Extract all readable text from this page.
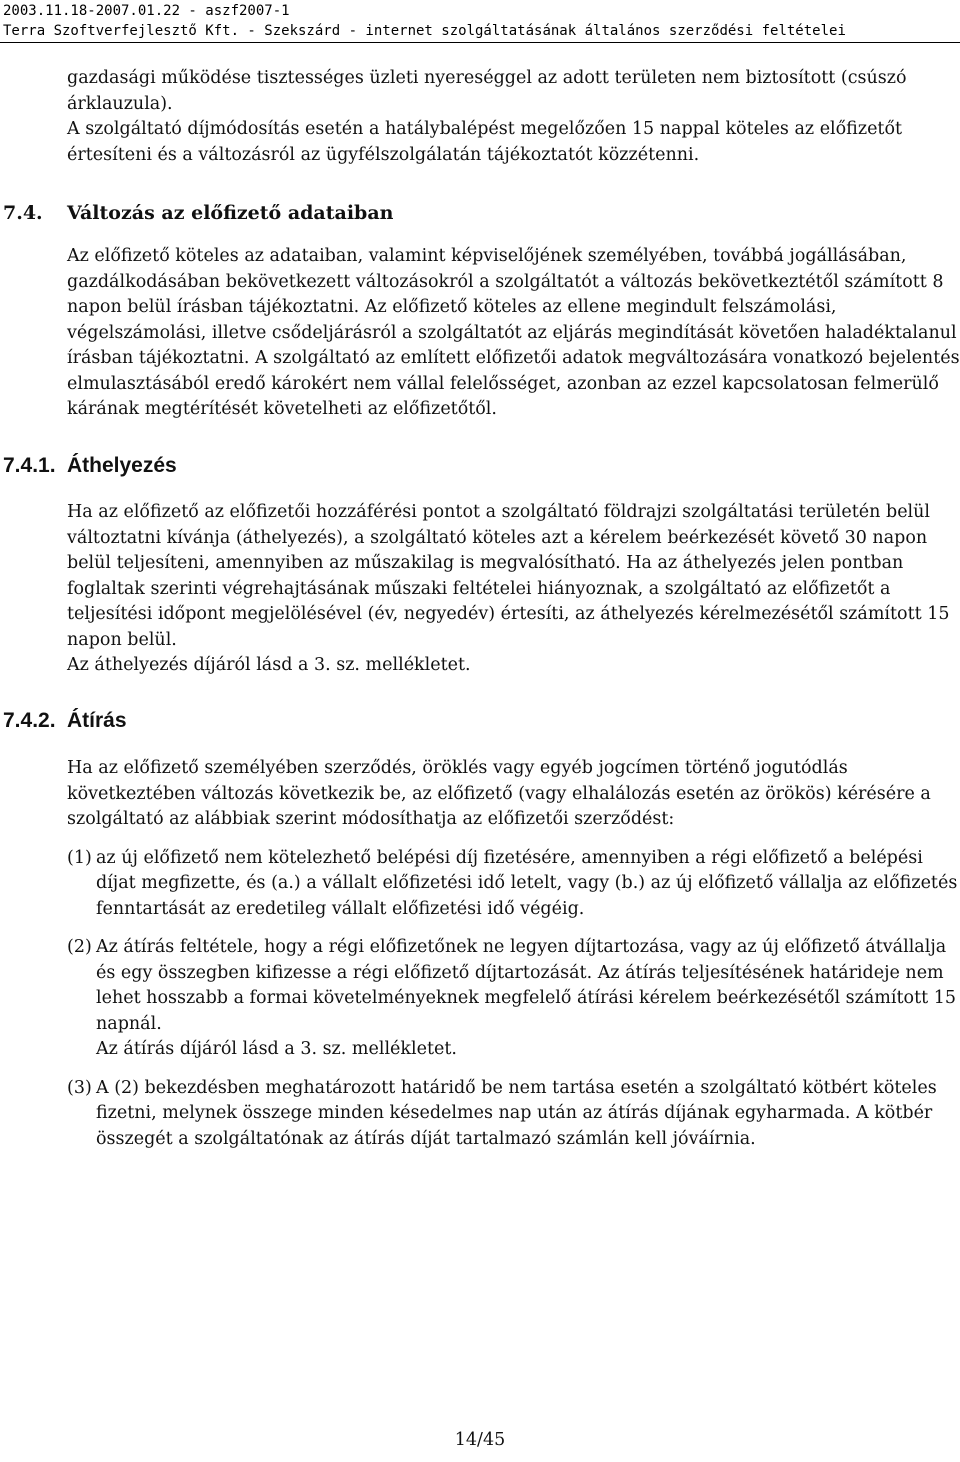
2003.11.18-2007.01.22 - aszf2007-1
Terra Szoftverfejlesztő Kft. - Szekszárd - internet szolgáltatásának általános szerződési feltételei

gazdasági működése tisztességes üzleti nyereséggel az adott területen nem biztosított (csúszó árklauzula).

A szolgáltató díjmódosítás esetén a hatálybalépést megelőzően 15 nappal köteles az előfizetőt értesíteni és a változásról az ügyfélszolgálatán tájékoztatót közzétenni.

7.4. Változás az előfizető adataiban

Az előfizető köteles az adataiban, valamint képviselőjének személyében, továbbá jogállásában, gazdálkodásában bekövetkezett változásokról a szolgáltatót a változás bekövetkeztétől számított 8 napon belül írásban tájékoztatni. Az előfizető köteles az ellene megindult felszámolási, végelszámolási, illetve csődeljárásról a szolgáltatót az eljárás megindítását követően haladéktalanul írásban tájékoztatni. A szolgáltató az említett előfizetői adatok megváltozására vonatkozó bejelentés elmulasztásából eredő károkért nem vállal felelősséget, azonban az ezzel kapcsolatosan felmerülő kárának megtérítését követelheti az előfizetőtől.

7.4.1. Áthelyezés

Ha az előfizető az előfizetői hozzáférési pontot a szolgáltató földrajzi szolgáltatási területén belül változtatni kívánja (áthelyezés), a szolgáltató köteles azt a kérelem beérkezését követő 30 napon belül teljesíteni, amennyiben az műszakilag is megvalósítható. Ha az áthelyezés jelen pontban foglaltak szerinti végrehajtásának műszaki feltételei hiányoznak, a szolgáltató az előfizetőt a teljesítési időpont megjelölésével (év, negyedév) értesíti, az áthelyezés kérelmezésétől számított 15 napon belül.

Az áthelyezés díjáról lásd a 3. sz. mellékletet.

7.4.2. Átírás

Ha az előfizető személyében szerződés, öröklés vagy egyéb jogcímen történő jogutódlás következtében változás következik be, az előfizető (vagy elhalálozás esetén az örökös) kérésére a szolgáltató az alábbiak szerint módosíthatja az előfizetői szerződést:

(1) az új előfizető nem kötelezhető belépési díj fizetésére, amennyiben a régi előfizető a belépési díjat megfizette, és (a.) a vállalt előfizetési idő letelt, vagy (b.) az új előfizető vállalja az előfizetés fenntartását az eredetileg vállalt előfizetési idő végéig.

(2) Az átírás feltétele, hogy a régi előfizetőnek ne legyen díjtartozása, vagy az új előfizető átvállalja és egy összegben kifizesse a régi előfizető díjtartozását. Az átírás teljesítésének határideje nem lehet hosszabb a formai követelményeknek megfelelő átírási kérelem beérkezésétől számított 15 napnál.

Az átírás díjáról lásd a 3. sz. mellékletet.

(3) A (2) bekezdésben meghatározott határidő be nem tartása esetén a szolgáltató kötbért köteles fizetni, melynek összege minden késedelmes nap után az átírás díjának egyharmada. A kötbér összegét a szolgáltatónak az átírás díját tartalmazó számlán kell jóváírnia.

14/45
